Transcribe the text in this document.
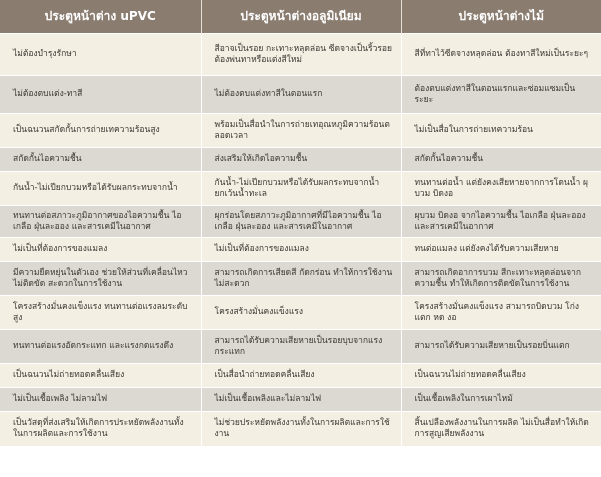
ประตูหน้าต่าง uPVC	ประตูหน้าต่างอลูมิเนียม	ประตูหน้าต่างไม้
ไม่ต้องบำรุงรักษา	สีอาจเป็นรอย กะเทาะหลุดล่อน ซีดจางเป็นริ้วรอย ต้องพ่นทาหรือแต่งสีใหม่	สีที่ทาไว้ซีดจางหลุดล่อน ต้องทาสีใหม่เป็นระยะๆ
ไม่ต้องตบแต่ง-ทาสี	ไม่ต้องตบแต่งทาสีในตอนแรก	ต้องตบแต่งทาสีในตอนแรกและซ่อมแซมเป็นระยะ
เป็นฉนวนสกัดกั้นการถ่ายเทความร้อนสูง	พร้อมเป็นสื่อนำในการถ่ายเทอุณหภูมิความร้อนตลอดเวลา	ไม่เป็นสื่อในการถ่ายเทความร้อน
สกัดกั้นไอความชื้น	ส่งเสริมให้เกิดไอความชื้น	สกัดกั้นไอความชื้น
กันน้ำ-ไม่เปียกบวมหรือได้รับผลกระทบจากน้ำ	กันน้ำ-ไม่เปียกบวมหรือได้รับผลกระทบจากน้ำ ยกเว้นน้ำทะเล	ทนทานต่อน้ำ แต่ยังคงเสียหายจากการโดนน้ำ ผุบวม บิดงอ
ทนทานต่อสภาวะภูมิอากาศของไอความชื้น ไอเกลือ ฝุ่นละออง และสารเคมีในอากาศ	ผุกร่อนโดยสภาวะภูมิอากาศที่มีไอความชื้น ไอเกลือ ฝุ่นละออง และสารเคมีในอากาศ	ผุบวม บิดงอ จากไอความชื้น ไอเกลือ ฝุ่นละออง และสารเคมีในอากาศ
ไม่เป็นที่ต้องการของแมลง	ไม่เป็นที่ต้องการของแมลง	ทนต่อแมลง แต่ยังคงได้รับความเสียหาย
มีความยืดหยุ่นในตัวเอง ช่วยให้ส่วนที่เคลื่อนไหวไม่ติดขัด สะดวกในการใช้งาน	สามารถเกิดการเสียดสี กัดกร่อน ทำให้การใช้งานไม่สะดวก	สามารถเกิดอาการบวม สีกะเทาะหลุดล่อนจากความชื้น ทำให้เกิดการติดขัดในการใช้งาน
โครงสร้างมั่นคงแข็งแรง ทนทานต่อแรงลมระดับสูง	โครงสร้างมั่นคงแข็งแรง	โครงสร้างมั่นคงแข็งแรง สามารถบิดบวม โก่งแตก หด งอ
ทนทานต่อแรงอัดกระแทก และแรงกดแรงดึง	สามารถได้รับความเสียหายเป็นรอยบุบจากแรงกระแทก	สามารถได้รับความเสียหายเป็นรอยบิ่นแตก
เป็นฉนวนไม่ถ่ายทอดคลื่นเสียง	เป็นสื่อนำถ่ายทอดคลื่นเสียง	เป็นฉนวนไม่ถ่ายทอดคลื่นเสียง
ไม่เป็นเชื้อเพลิง ไม่ลามไฟ	ไม่เป็นเชื้อเพลิงและไม่ลามไฟ	เป็นเชื้อเพลิงในการเผาไหม้
เป็นวัสดุที่ส่งเสริมให้เกิดการประหยัดพลังงานทั้งในการผลิตและการใช้งาน	ไม่ช่วยประหยัดพลังงานทั้งในการผลิตและการใช้งาน	สิ้นเปลืองพลังงานในการผลิต ไม่เป็นสื่อทำให้เกิดการสูญเสียพลังงาน
